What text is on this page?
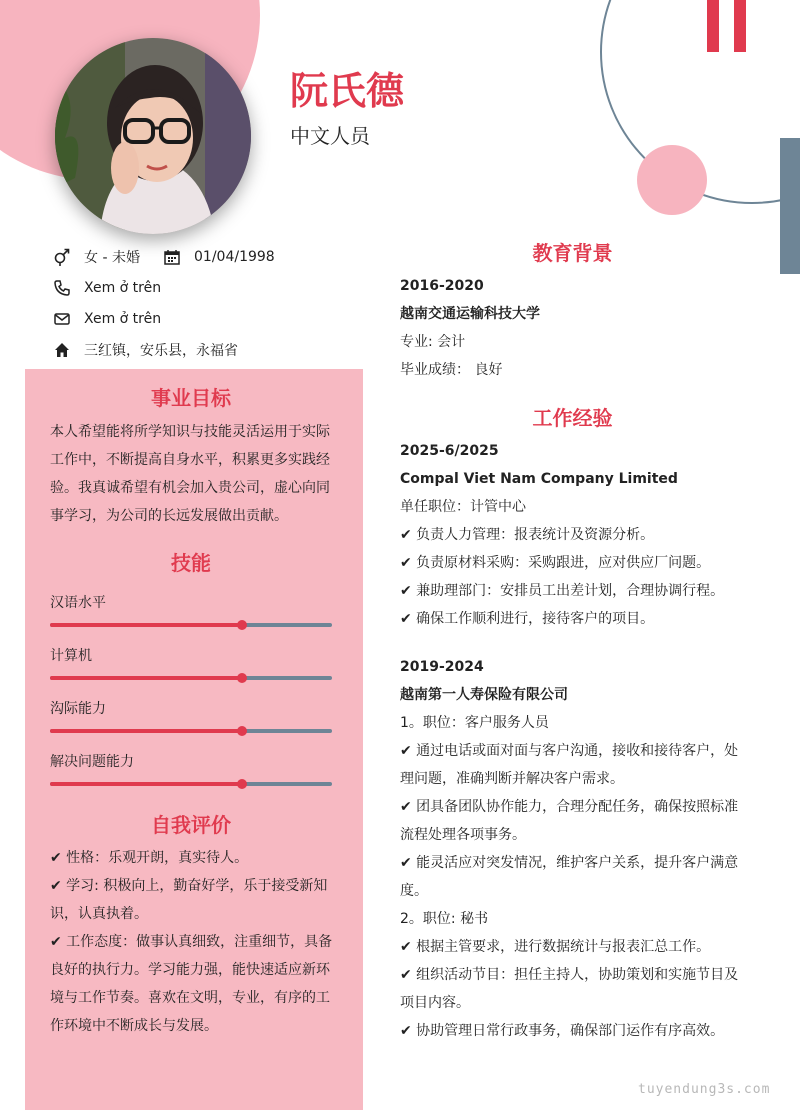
阮氏德
中文人员
女 - 未婚	01/04/1998
Xem ở trên
Xem ở trên
三红镇，安乐县，永福省
事业目标
本人希望能将所学知识与技能灵活运用于实际
工作中，不断提高自身水平，积累更多实践经
验。我真诚希望有机会加入贵公司，虚心向同
事学习，为公司的长远发展做出贡献。
技能
汉语水平
计算机
沟际能力
解决问题能力
自我评价
✔ 性格：乐观开朗，真实待人。
✔ 学习: 积极向上，勤奋好学，乐于接受新知
识，认真执着。
✔ 工作态度：做事认真细致，注重细节，具备
良好的执行力。学习能力强，能快速适应新环
境与工作节奏。喜欢在文明，专业，有序的工
作环境中不断成长与发展。
教育背景
2016-2020
越南交通运输科技大学
专业: 会计
毕业成绩： 良好
工作经验
2025-6/2025
Compal Viet Nam Company Limited
单任职位：计管中心
✔ 负责人力管理：报表统计及资源分析。
✔ 负责原材料采购：采购跟进，应对供应厂问题。
✔ 兼助理部门：安排员工出差计划，合理协调行程。
✔ 确保工作顺利进行，接待客户的项目。
2019-2024
越南第一人寿保险有限公司
1。职位：客户服务人员
✔ 通过电话或面对面与客户沟通，接收和接待客户，处
理问题，准确判断并解决客户需求。
✔ 团具备团队协作能力，合理分配任务，确保按照标准
流程处理各项事务。
✔ 能灵活应对突发情况，维护客户关系，提升客户满意
度。
2。职位: 秘书
✔ 根据主管要求，进行数据统计与报表汇总工作。
✔ 组织活动节目：担任主持人，协助策划和实施节目及
项目内容。
✔ 协助管理日常行政事务，确保部门运作有序高效。
tuyendung3s.com
